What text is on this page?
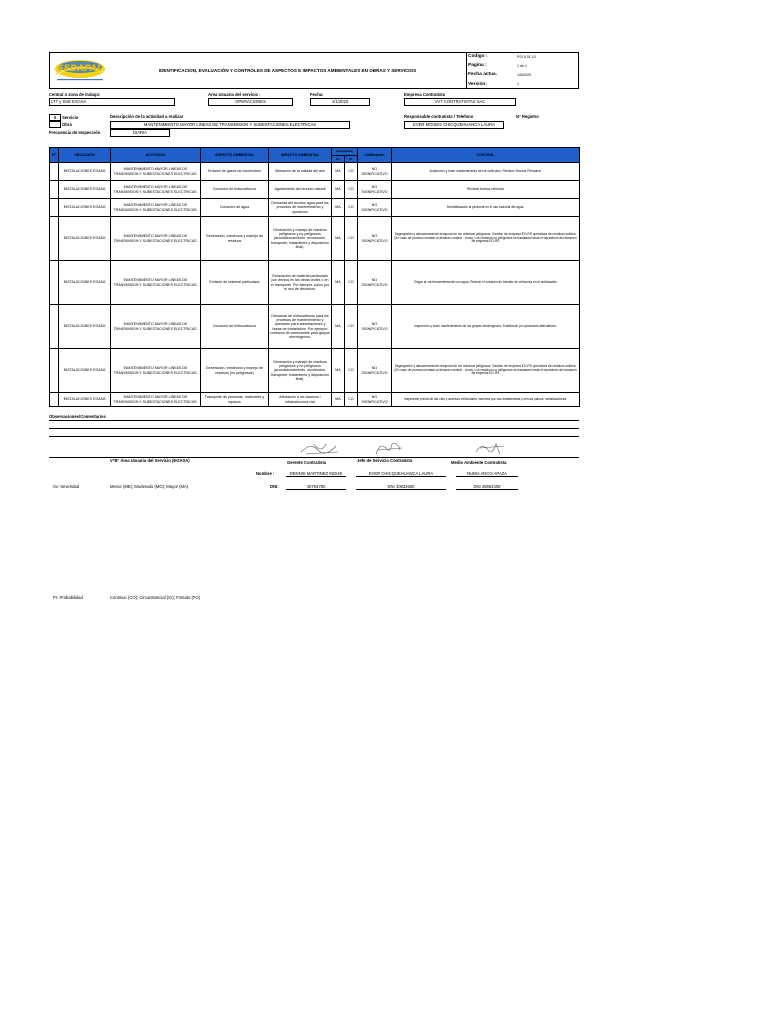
SEDAPAL	IDENTIFICACION, EVALUACIÓN Y CONTROLES DE ASPECTOS E IMPACTOS AMBIENTALES EN OBRAS Y SERVICIOS
Código :	PSI 5.01.10
Pagina :	1 de 1
Fecha actua.	1/5/2020
Versión:	1
Central o zona de trabajo:
LTT y SSE EGASA
Area Usuaria del servicio :
OPERACIONES
Fecha:
1/1/2020
Empresa Contratista
VVT CONTRATISTAS SAC
X	Servicio
Obra
Descripción de la actividad a realizar
MANTENIMIENTO MAYOR LINEAS DE TRANSMISION Y SUBESTACIONES ELECTRICAS
Responsable contratista / Telefono
EVER MOISES CHICQUEHUANCA LAURA
N° Registro
Frecuencia de Inspección	DIARIA
N°	UBICACIÓN	ACTIVIDAD	ASPECTO AMBIENTAL	IMPACTO AMBIENTAL	Evaluación		Calificación	CONTROL
					Sv	Pr		
	INSTALACIONES EGASA	MANTENIMIENTO MAYOR LINEAS DE TRANSMISION Y SUBESTACIONES ELECTRICAS.	Emisión de gases de combustión	Alteración de la calidad del aire	MA	CO	NO SIGNIFICATIVO	Inspección y buen mantenimiento de los vehiculos. Revisión Tecnica Periodica.
	INSTALACIONES EGASA	MANTENIMIENTO MAYOR LINEAS DE TRANSMISION Y SUBESTACIONES ELECTRICAS.	Consumo de hidrocarburos	Agotamiento del recurso natural	MA	CO	NO SIGNIFICATIVO	Revisión tecnica vehicular
	INSTALACIONES EGASA	MANTENIMIENTO MAYOR LINEAS DE TRANSMISION Y SUBESTACIONES ELECTRICAS.	Consumo de agua	Demanda del recurso agua para los procesos de mantenimiento y operación	MA	CO	NO SIGNIFICATIVO	Sensibilización al personal en el uso racional del agua.
	INSTALACIONES EGASA	MANTENIMIENTO MAYOR LINEAS DE TRANSMISION Y SUBESTACIONES ELECTRICAS.	Generación, existencia y manejo de residuos	Generación y manejo de residuos peligrosos y no peligrosos (acondicionamiento, recolección, transporte, tratamiento y disposición final).	MA	CO	NO SIGNIFICATIVO	Segregación y almacenamiento temporal de los residuos peligrosos. Gestión de empresa EO-RS operadora de residuos sólidos. (En caso de proceso mutado al almacen central - Lima). Los residuos no peligrosos se trasladan hasta el repositorio del almacen de empresa EO-RS
	INSTALACIONES EGASA	MANTENIMIENTO MAYOR LINEAS DE TRANSMISION Y SUBESTACIONES ELECTRICAS.	Emisión de material particulado	Generación de material particulado por vientos en las obras civiles o en el transporte. Por ejemplo: polvo por el uso de vehículos.	MA	CO	NO SIGNIFICATIVO	Regar la vía frecuentemente con agua. Reducir el volumen de tránsito de vehículos en el actividades
	INSTALACIONES EGASA	MANTENIMIENTO MAYOR LINEAS DE TRANSMISION Y SUBESTACIONES ELECTRICAS.	Consumo de hidrocarburos	Demanda de hidrocarburos para los procesos de mantenimiento y operación para subestaciones y líneas de transmisión. Por ejemplo: consumo de combustible para grupos electrógenos.	MA	CO	NO SIGNIFICATIVO	Inspección y buen mantenimiento de los grupos electrógenos. Sustitución por productos alternativos.
	INSTALACIONES EGASA	MANTENIMIENTO MAYOR LINEAS DE TRANSMISION Y SUBESTACIONES ELECTRICAS.	Generación, existencia y manejo de residuos (no peligrosos)	Generación y manejo de residuos peligrosos y no peligrosos (acondicionamiento, recolección, transporte, tratamiento y disposición final).	MA	CO	NO SIGNIFICATIVO	Segregación y almacenamiento temporal de los residuos peligrosos. Gestión de empresa EO-RS operadora de residuos sólidos. (En caso de proceso mutado al almacen central - Lima). Los residuos no peligrosos se trasladan hasta el repositorio del almacen de empresa EO-RS
	INSTALACIONES EGASA	MANTENIMIENTO MAYOR LINEAS DE TRANSMISION Y SUBESTACIONES ELECTRICAS.	Transporte de personas, materiales y equipos	Afectación a los accesos / infraestructura vial	MA	CO	NO SIGNIFICATIVO	Inspección previa de las vías y accesos vehiculares, barridos por uso establecidas y cercos parcos, señalizaciones.
Observaciones/Comentarios
V°B° Área Usuaria del Servicio (EGASA)	Gerente Contratista	Jefe de Servicio Contratista	Medio Ambiente Contratista
Nombre :	DENNIS MARTINEZ INDHE	EVER CHICQUEHUANCA LAURA	NUBIA ANCO APAZA
DNI:	40764780	DNI 40832600	DNI 45664308
Sv: Severidad	Menor (ME); Moderado (MO); Mayor (MA)
Pr: Probabilidad	Continuo (CO); Circunstancial (CI); Fortuito (FO)
